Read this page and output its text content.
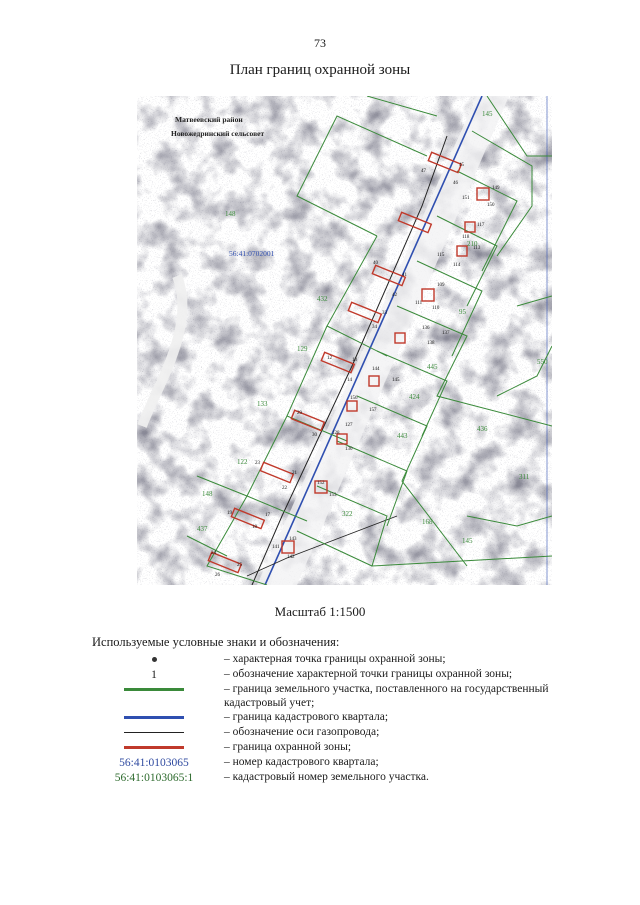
73
План границ охранной зоны
Матвеевский район
Новожедринский сельсовет
56:41:0702001
145
148
210
432
95
550
445
129
424
436
133
443
311
148
437
322
168
145
122
45
46
47
149
150
151
117
118
113
114
115
40
41
42
109
110
111
33
34	136
137
138
12	13
14
144
145
156
157
29
30
127
128
130
23
21
22
152
153
19	17
18
141
143
142
24
25
26
Масштаб 1:1500
Используемые условные знаки и обозначения:
– характерная точка границы охранной зоны;
1	– обозначение характерной точки границы охранной зоны;
– граница земельного участка, поставленного на государственный кадастровый учет;
– граница кадастрового квартала;
– обозначение оси газопровода;
– граница охранной зоны;
56:41:0103065	– номер кадастрового квартала;
56:41:0103065:1	– кадастровый номер земельного участка.
